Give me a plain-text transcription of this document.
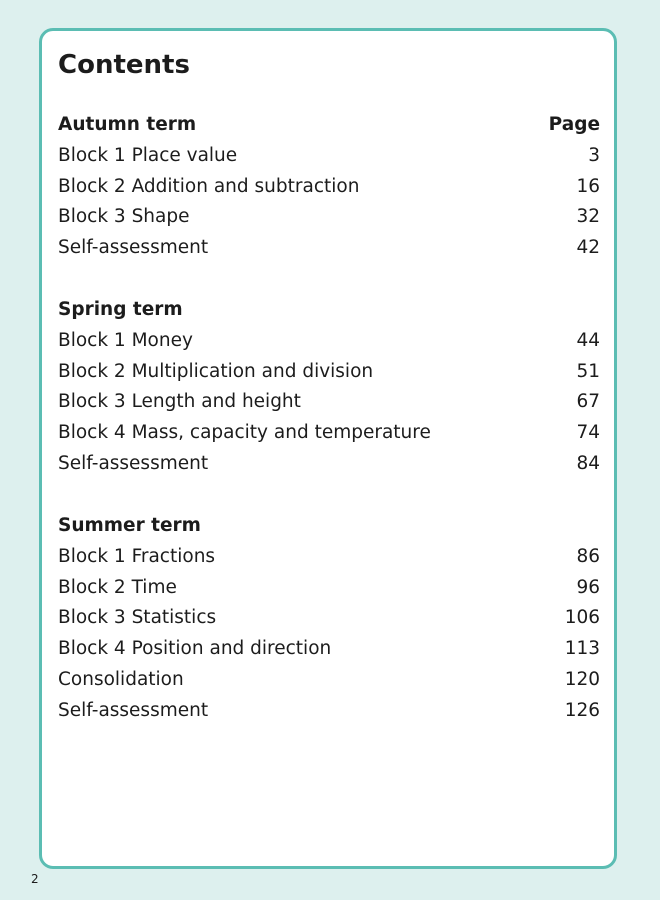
Contents
Autumn term	Page
Block 1 Place value	3
Block 2 Addition and subtraction	16
Block 3 Shape	32
Self-assessment	42
Spring term
Block 1 Money	44
Block 2 Multiplication and division	51
Block 3 Length and height	67
Block 4 Mass, capacity and temperature	74
Self-assessment	84
Summer term
Block 1 Fractions	86
Block 2 Time	96
Block 3 Statistics	106
Block 4 Position and direction	113
Consolidation	120
Self-assessment	126
2
